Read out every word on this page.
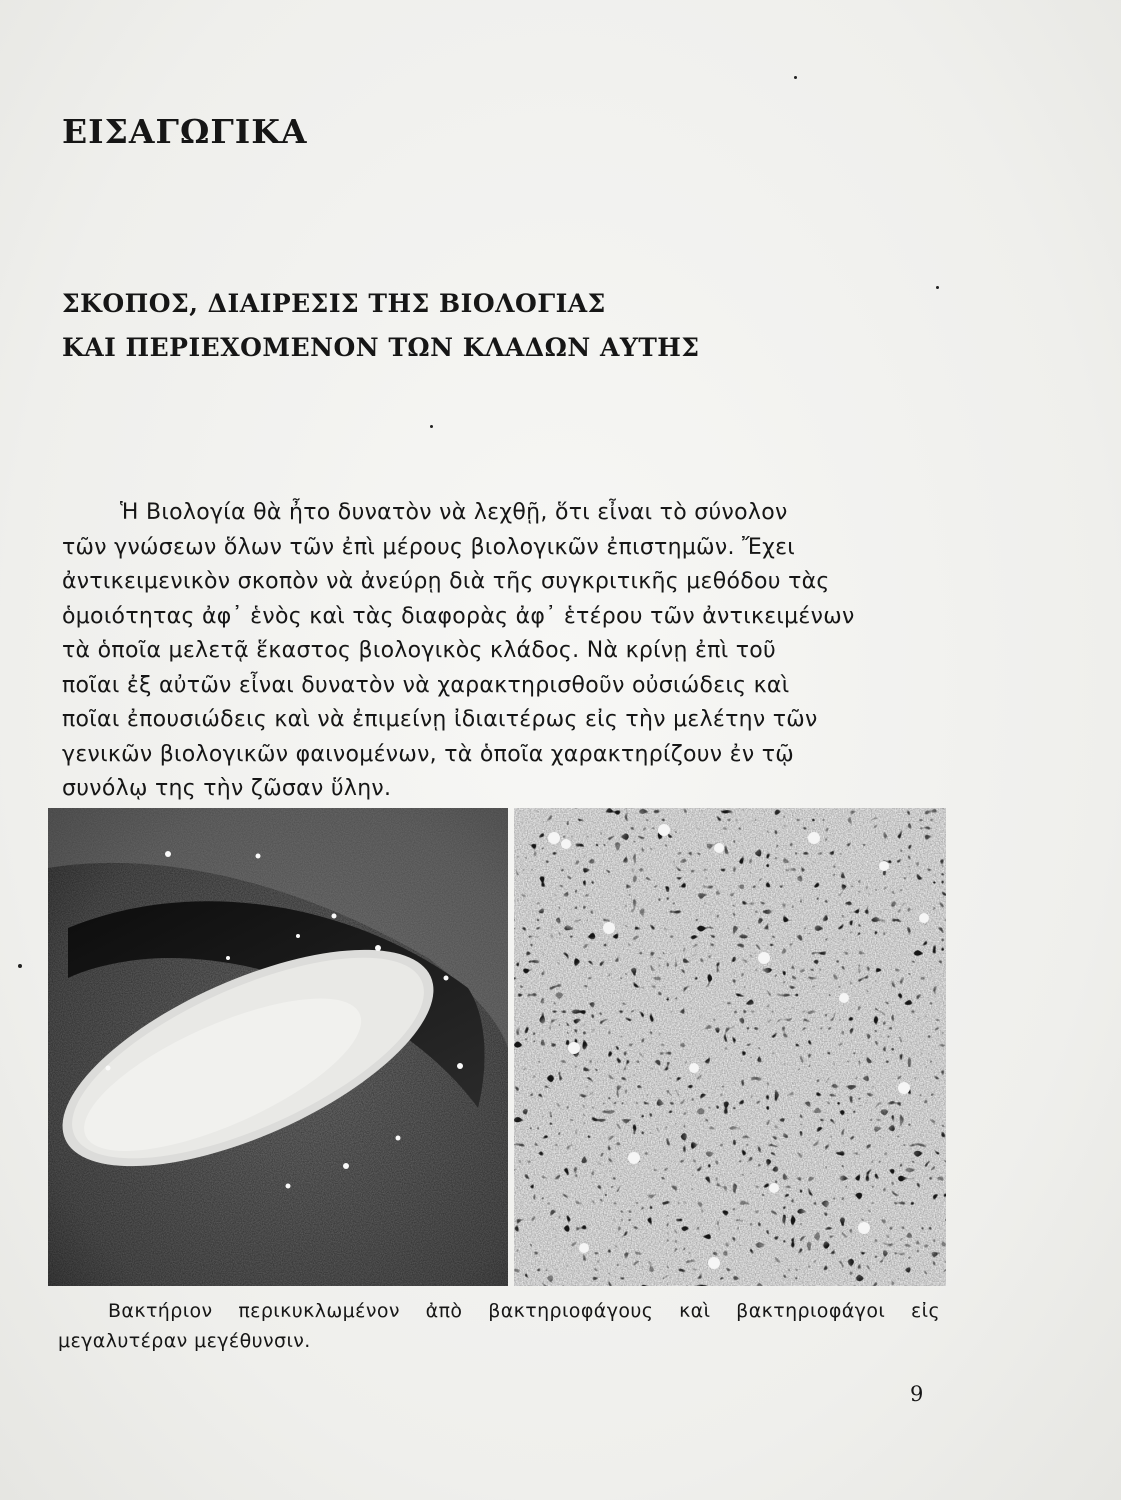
ΕΙΣΑΓΩΓΙΚΑ
ΣΚΟΠΟΣ, ΔΙΑΙΡΕΣΙΣ ΤΗΣ ΒΙΟΛΟΓΙΑΣ
ΚΑΙ ΠΕΡΙΕΧΟΜΕΝΟΝ ΤΩΝ ΚΛΑΔΩΝ ΑΥΤΗΣ
Ἡ Βιολογία θὰ ἦτο δυνατὸν νὰ λεχθῇ, ὅτι εἶναι τὸ σύνολον
τῶν γνώσεων ὅλων τῶν ἐπὶ μέρους βιολογικῶν ἐπιστημῶν. Ἔχει
ἀντικειμενικὸν σκοπὸν νὰ ἀνεύρῃ διὰ τῆς συγκριτικῆς μεθόδου τὰς
ὁμοιότητας ἀφ᾽ ἑνὸς καὶ τὰς διαφορὰς ἀφ᾽ ἑτέρου τῶν ἀντικειμένων
τὰ ὁποῖα μελετᾷ ἕκαστος βιολογικὸς κλάδος. Νὰ κρίνῃ ἐπὶ τοῦ
ποῖαι ἐξ αὐτῶν εἶναι δυνατὸν νὰ χαρακτηρισθοῦν οὐσιώδεις καὶ
ποῖαι ἐπουσιώδεις καὶ νὰ ἐπιμείνῃ ἰδιαιτέρως εἰς τὴν μελέτην τῶν
γενικῶν βιολογικῶν φαινομένων, τὰ ὁποῖα χαρακτηρίζουν ἐν τῷ
συνόλῳ της τὴν ζῶσαν ὕλην.
Βακτήριον περικυκλωμένον ἀπὸ βακτηριοφάγους καὶ βακτηριοφάγοι εἰς
μεγαλυτέραν μεγέθυνσιν.
9
